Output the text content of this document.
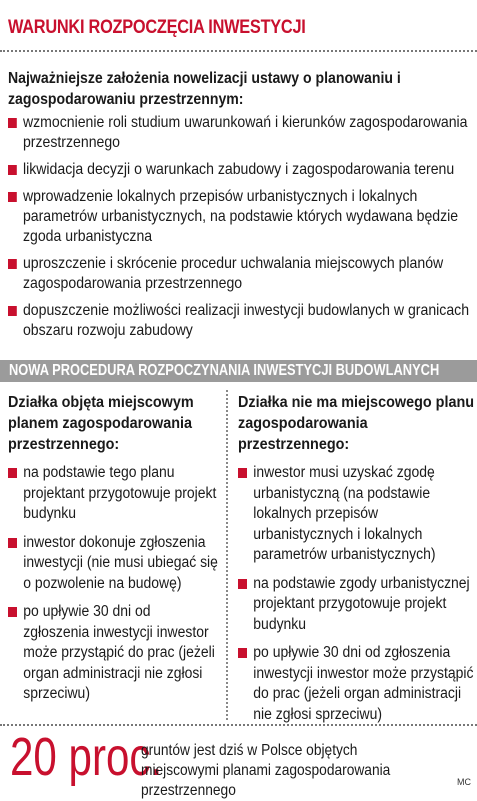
WARUNKI ROZPOCZĘCIA INWESTYCJI
Najważniejsze założenia nowelizacji ustawy o planowaniu i zagospodarowaniu przestrzennym:
wzmocnienie roli studium uwarunkowań i kierunków zagospodarowania przestrzennego
likwidacja decyzji o warunkach zabudowy i zagospodarowania terenu
wprowadzenie lokalnych przepisów urbanistycznych i lokalnych parametrów urbanistycznych, na podstawie których wydawana będzie zgoda urbanistyczna
uproszczenie i skrócenie procedur uchwalania miejscowych planów zagospodarowania przestrzennego
dopuszczenie możliwości realizacji inwestycji budowlanych w granicach obszaru rozwoju zabudowy
NOWA PROCEDURA ROZPOCZYNANIA INWESTYCJI BUDOWLANYCH
Działka objęta miejscowym planem zagospodarowania przestrzennego:
na podstawie tego planu projektant przygotowuje projekt budynku
inwestor dokonuje zgłoszenia inwestycji (nie musi ubiegać się o pozwolenie na budowę)
po upływie 30 dni od zgłoszenia inwestycji inwestor może przystąpić do prac (jeżeli organ administracji nie zgłosi sprzeciwu)
Działka nie ma miejscowego planu zagospodarowania przestrzennego:
inwestor musi uzyskać zgodę urbanistyczną (na podstawie lokalnych przepisów urbanistycznych i lokalnych parametrów urbanistycznych)
na podstawie zgody urbanistycznej projektant przygotowuje projekt budynku
po upływie 30 dni od zgłoszenia inwestycji inwestor może przystąpić do prac (jeżeli organ administracji nie zgłosi sprzeciwu)
20 proc.
gruntów jest dziś w Polsce objętych miejscowymi planami zagospodarowania przestrzennego	MC
